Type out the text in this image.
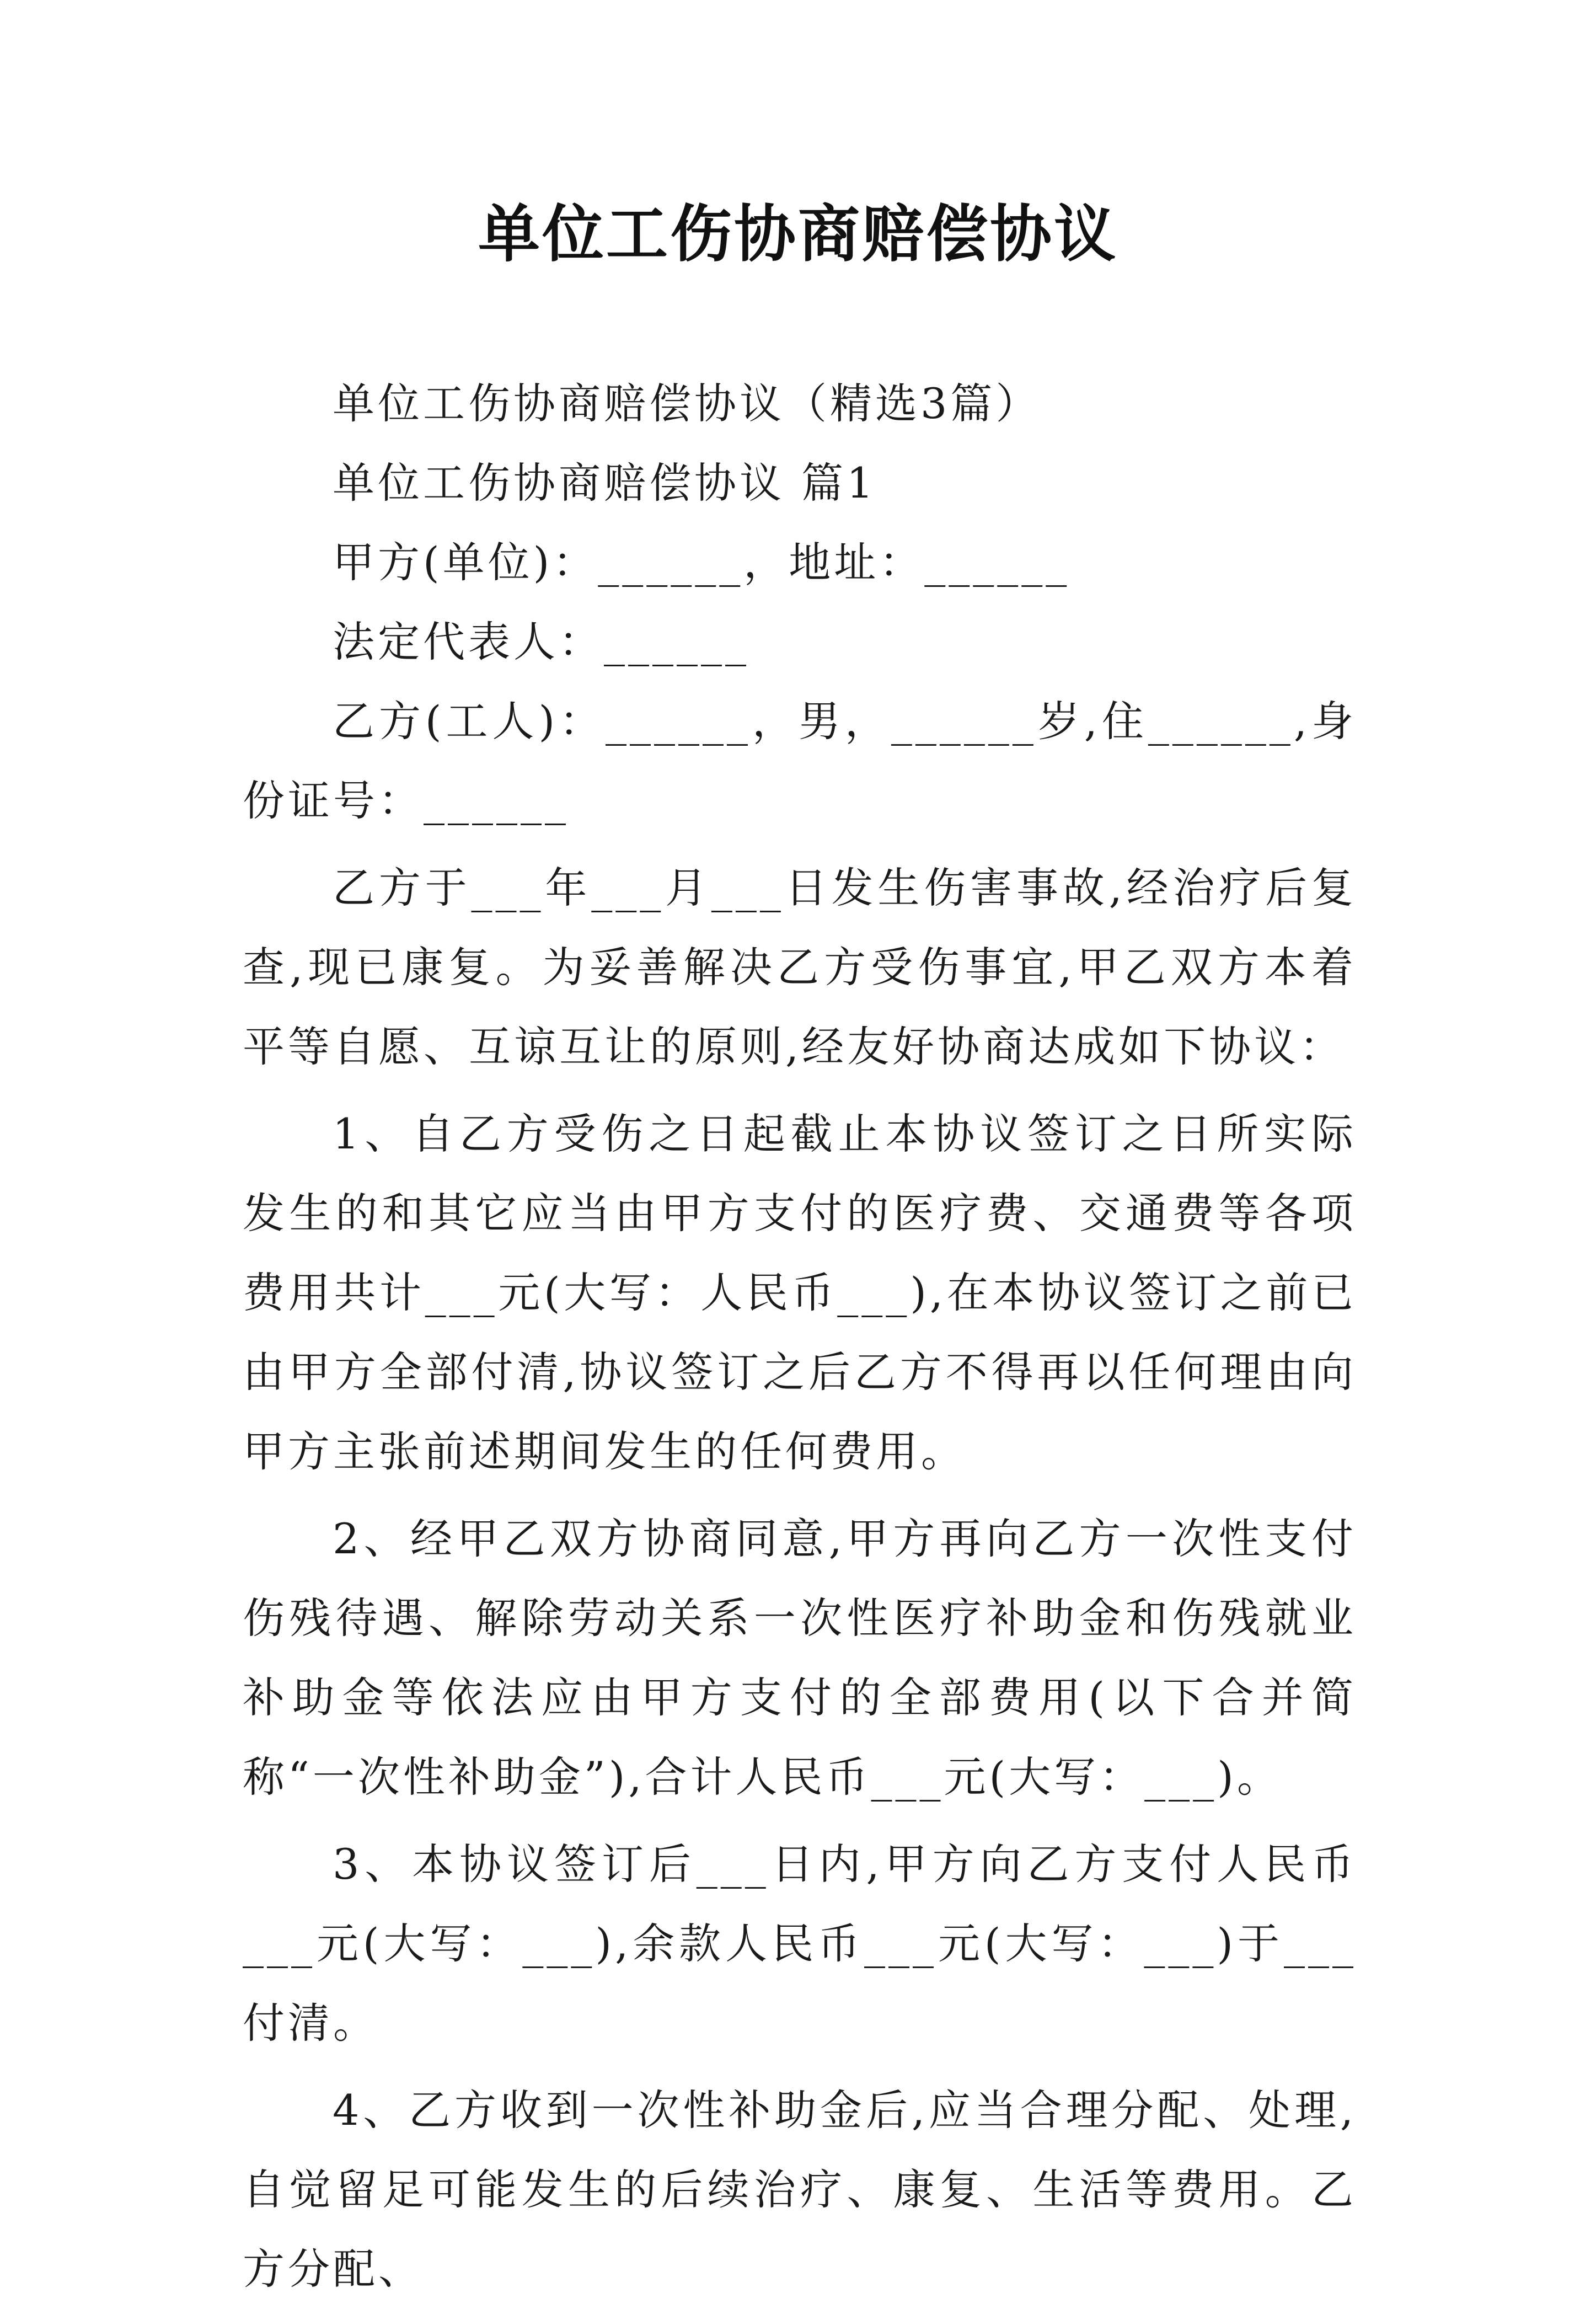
单位工伤协商赔偿协议

单位工伤协商赔偿协议（精选3篇）

单位工伤协商赔偿协议 篇1

甲方(单位)：______，地址：______

法定代表人：______

乙方(工人)：______，男，______岁,住______,身份证号：______

乙方于___年___月___日发生伤害事故,经治疗后复查,现已康复。为妥善解决乙方受伤事宜,甲乙双方本着平等自愿、互谅互让的原则,经友好协商达成如下协议：

1、自乙方受伤之日起截止本协议签订之日所实际发生的和其它应当由甲方支付的医疗费、交通费等各项费用共计___元(大写：人民币___),在本协议签订之前已由甲方全部付清,协议签订之后乙方不得再以任何理由向甲方主张前述期间发生的任何费用。

2、经甲乙双方协商同意,甲方再向乙方一次性支付伤残待遇、解除劳动关系一次性医疗补助金和伤残就业补助金等依法应由甲方支付的全部费用(以下合并简称“一次性补助金”),合计人民币___元(大写：___)。

3、本协议签订后___日内,甲方向乙方支付人民币___元(大写：___),余款人民币___元(大写：___)于___付清。

4、乙方收到一次性补助金后,应当合理分配、处理,自觉留足可能发生的后续治疗、康复、生活等费用。乙方分配、
